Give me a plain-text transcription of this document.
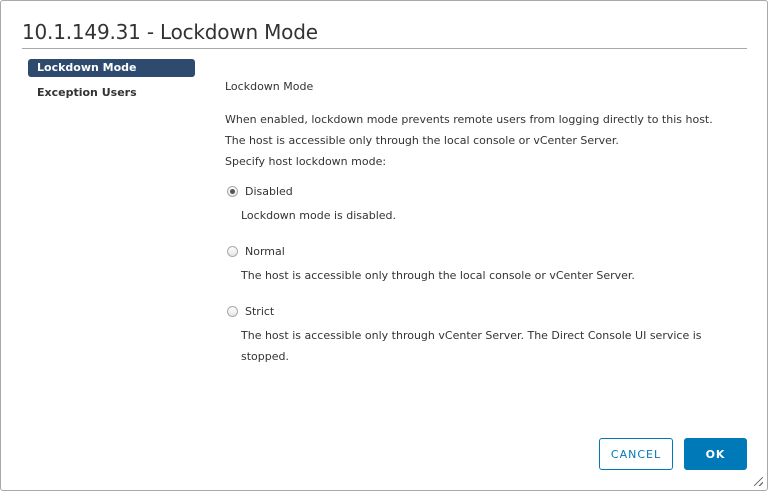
10.1.149.31 - Lockdown Mode
Lockdown Mode
Exception Users	Lockdown Mode
When enabled, lockdown mode prevents remote users from logging directly to this host.
The host is accessible only through the local console or vCenter Server.
Specify host lockdown mode:
Disabled
Lockdown mode is disabled.
Normal
The host is accessible only through the local console or vCenter Server.
Strict
The host is accessible only through vCenter Server. The Direct Console UI service is
stopped.
CANCEL	OK
